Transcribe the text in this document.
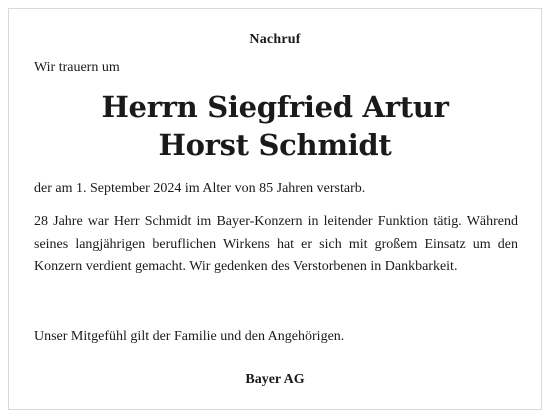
Nachruf
Wir trauern um
Herrn Siegfried Artur
Horst Schmidt
der am 1. September 2024 im Alter von 85 Jahren verstarb.
28 Jahre war Herr Schmidt im Bayer-Konzern in leitender Funktion tätig. Während seines langjährigen beruflichen Wirkens hat er sich mit großem Einsatz um den Konzern verdient gemacht. Wir gedenken des Verstorbenen in Dankbarkeit.
Unser Mitgefühl gilt der Familie und den Angehörigen.
Bayer AG
